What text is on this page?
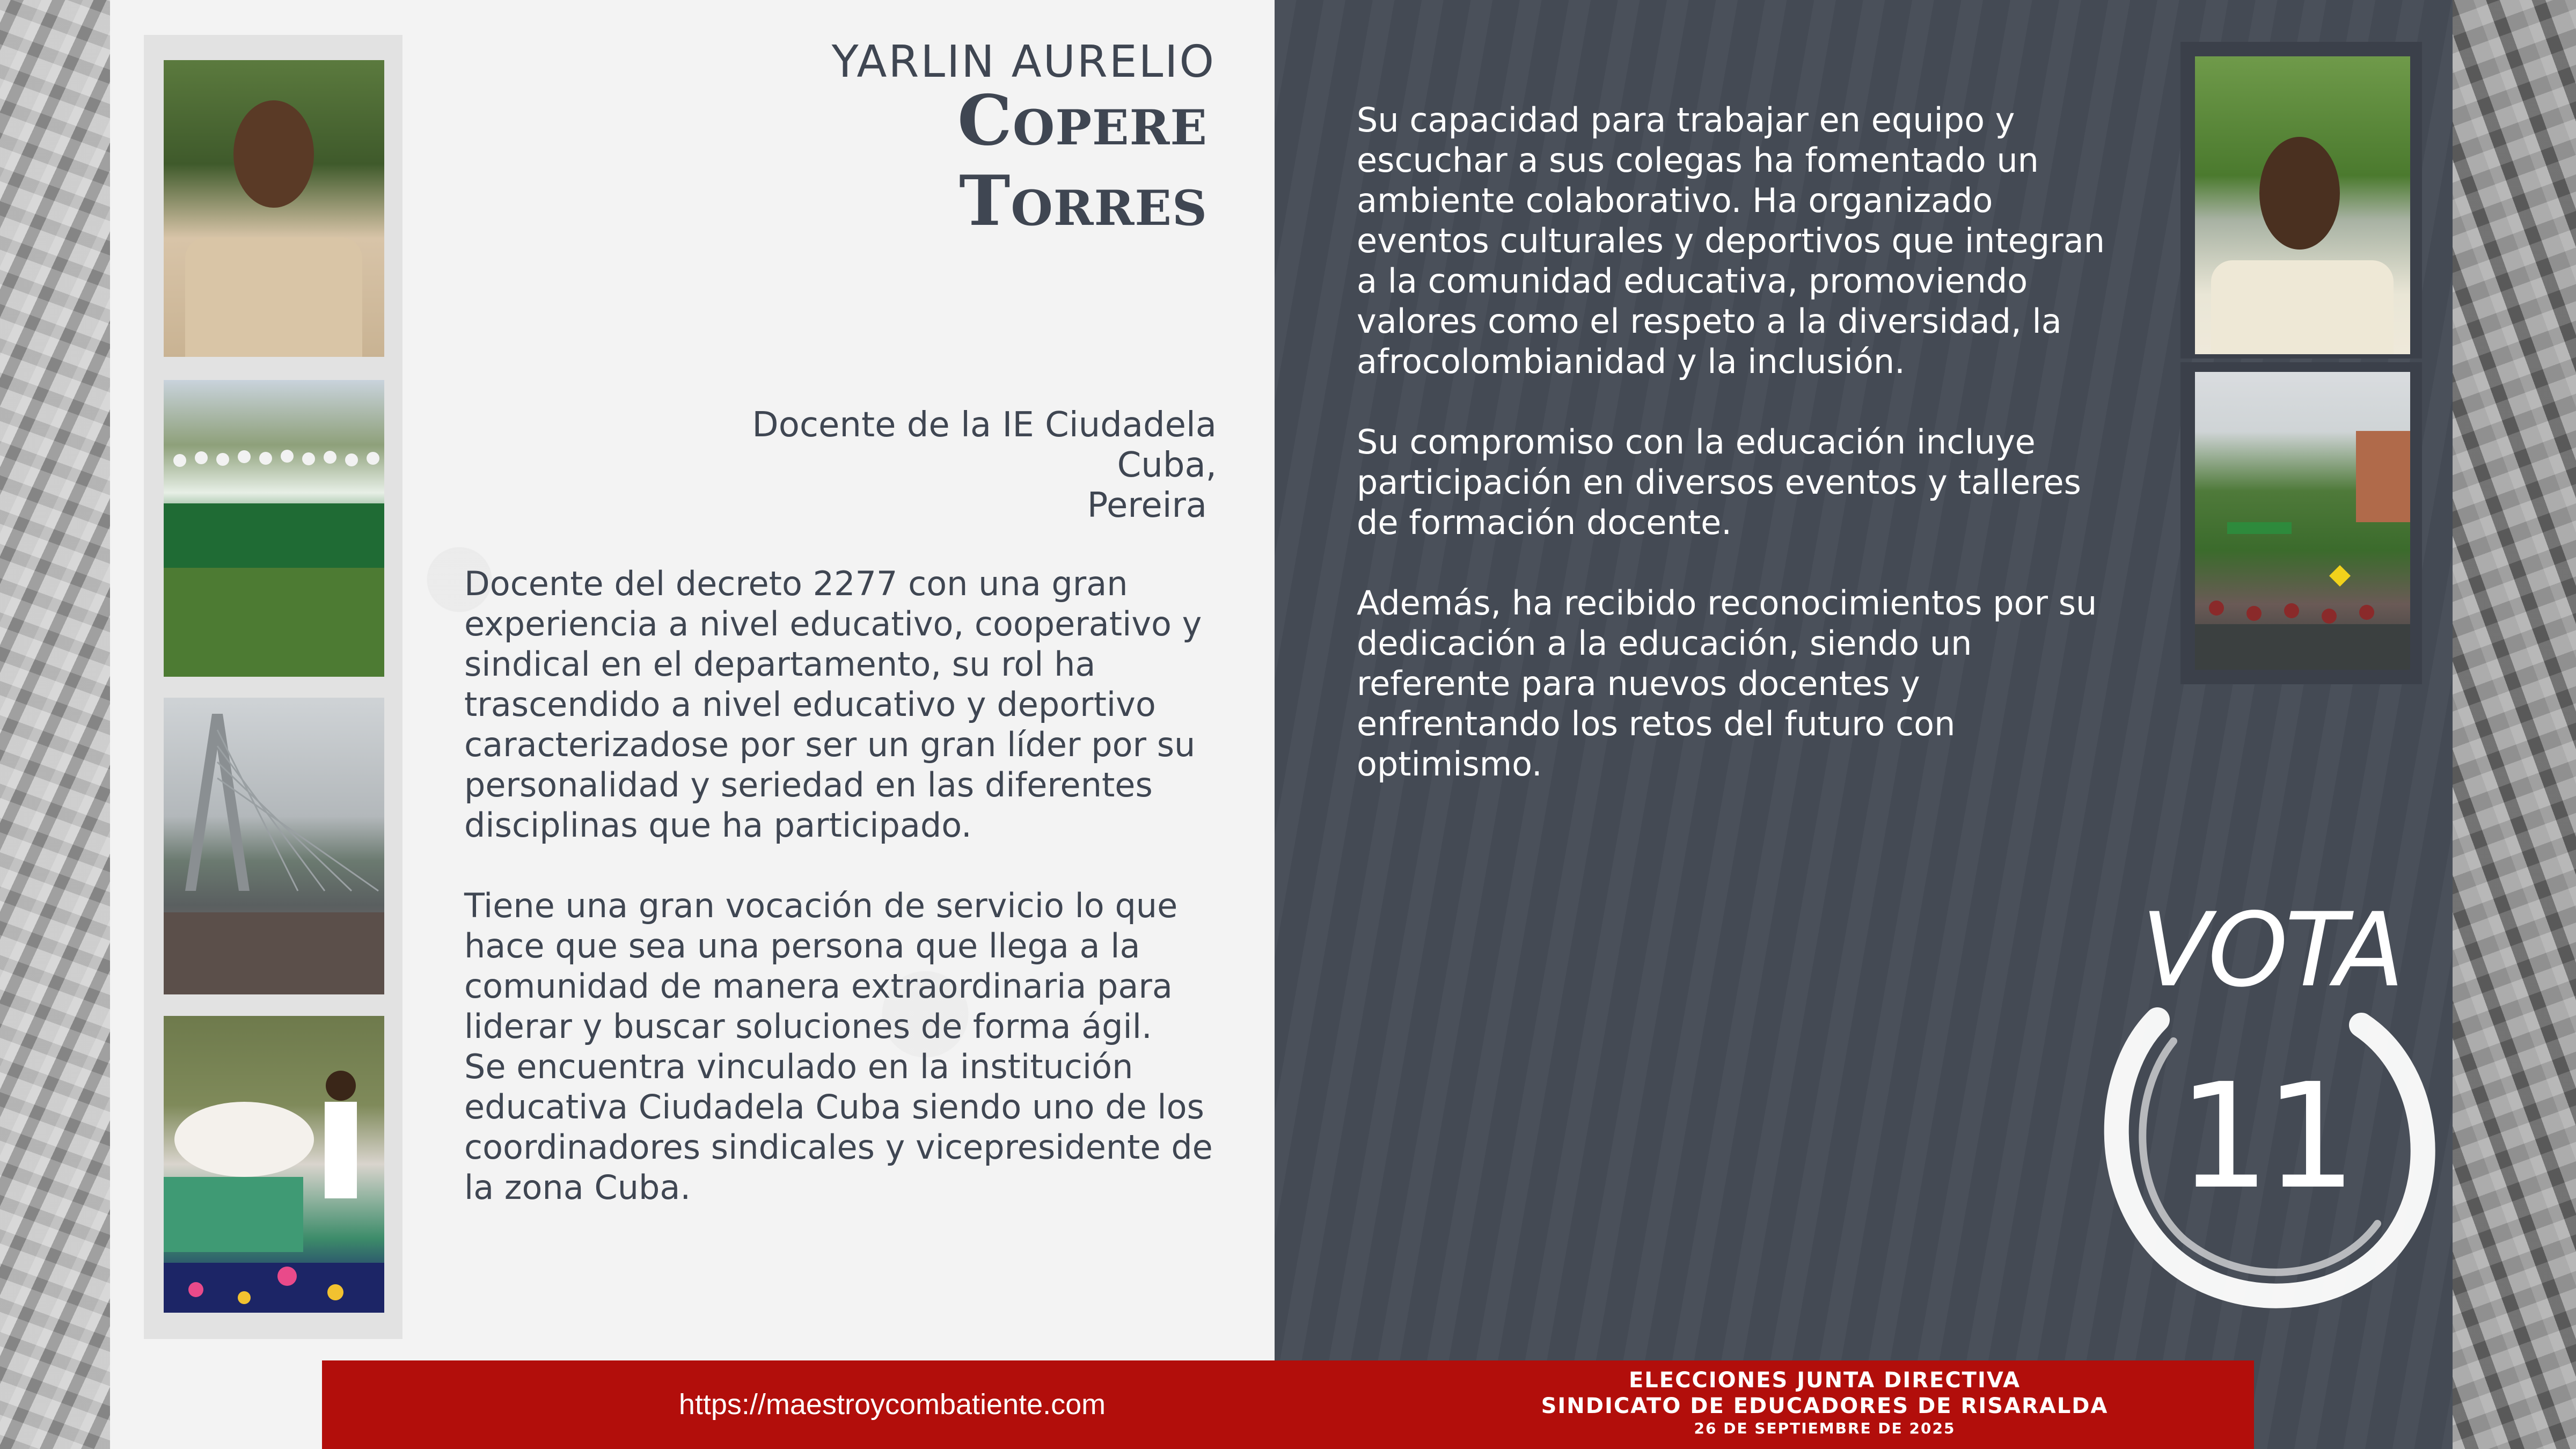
YARLIN AURELIO
Copere Torres
Docente de la IE Ciudadela Cuba,
Pereira

Docente del decreto 2277 con una gran
experiencia a nivel educativo, cooperativo y
sindical en el departamento, su rol ha
trascendido a nivel educativo y deportivo
caracterizadose por ser un gran líder por su
personalidad y seriedad en las diferentes
disciplinas que ha participado.

Tiene una gran vocación de servicio lo que
hace que sea una persona que llega a la
comunidad de manera extraordinaria para
liderar y buscar soluciones de forma ágil.
Se encuentra vinculado en la institución
educativa Ciudadela Cuba siendo uno de los
coordinadores sindicales y vicepresidente de
la zona Cuba.

Su capacidad para trabajar en equipo y
escuchar a sus colegas ha fomentado un
ambiente colaborativo. Ha organizado
eventos culturales y deportivos que integran
a la comunidad educativa, promoviendo
valores como el respeto a la diversidad, la
afrocolombianidad y la inclusión.

Su compromiso con la educación incluye
participación en diversos eventos y talleres
de formación docente.

Además, ha recibido reconocimientos por su
dedicación a la educación, siendo un
referente para nuevos docentes y
enfrentando los retos del futuro con
optimismo.

VOTA
11
https://maestroycombatiente.com
ELECCIONES JUNTA DIRECTIVA
SINDICATO DE EDUCADORES DE RISARALDA
26 DE SEPTIEMBRE DE 2025
